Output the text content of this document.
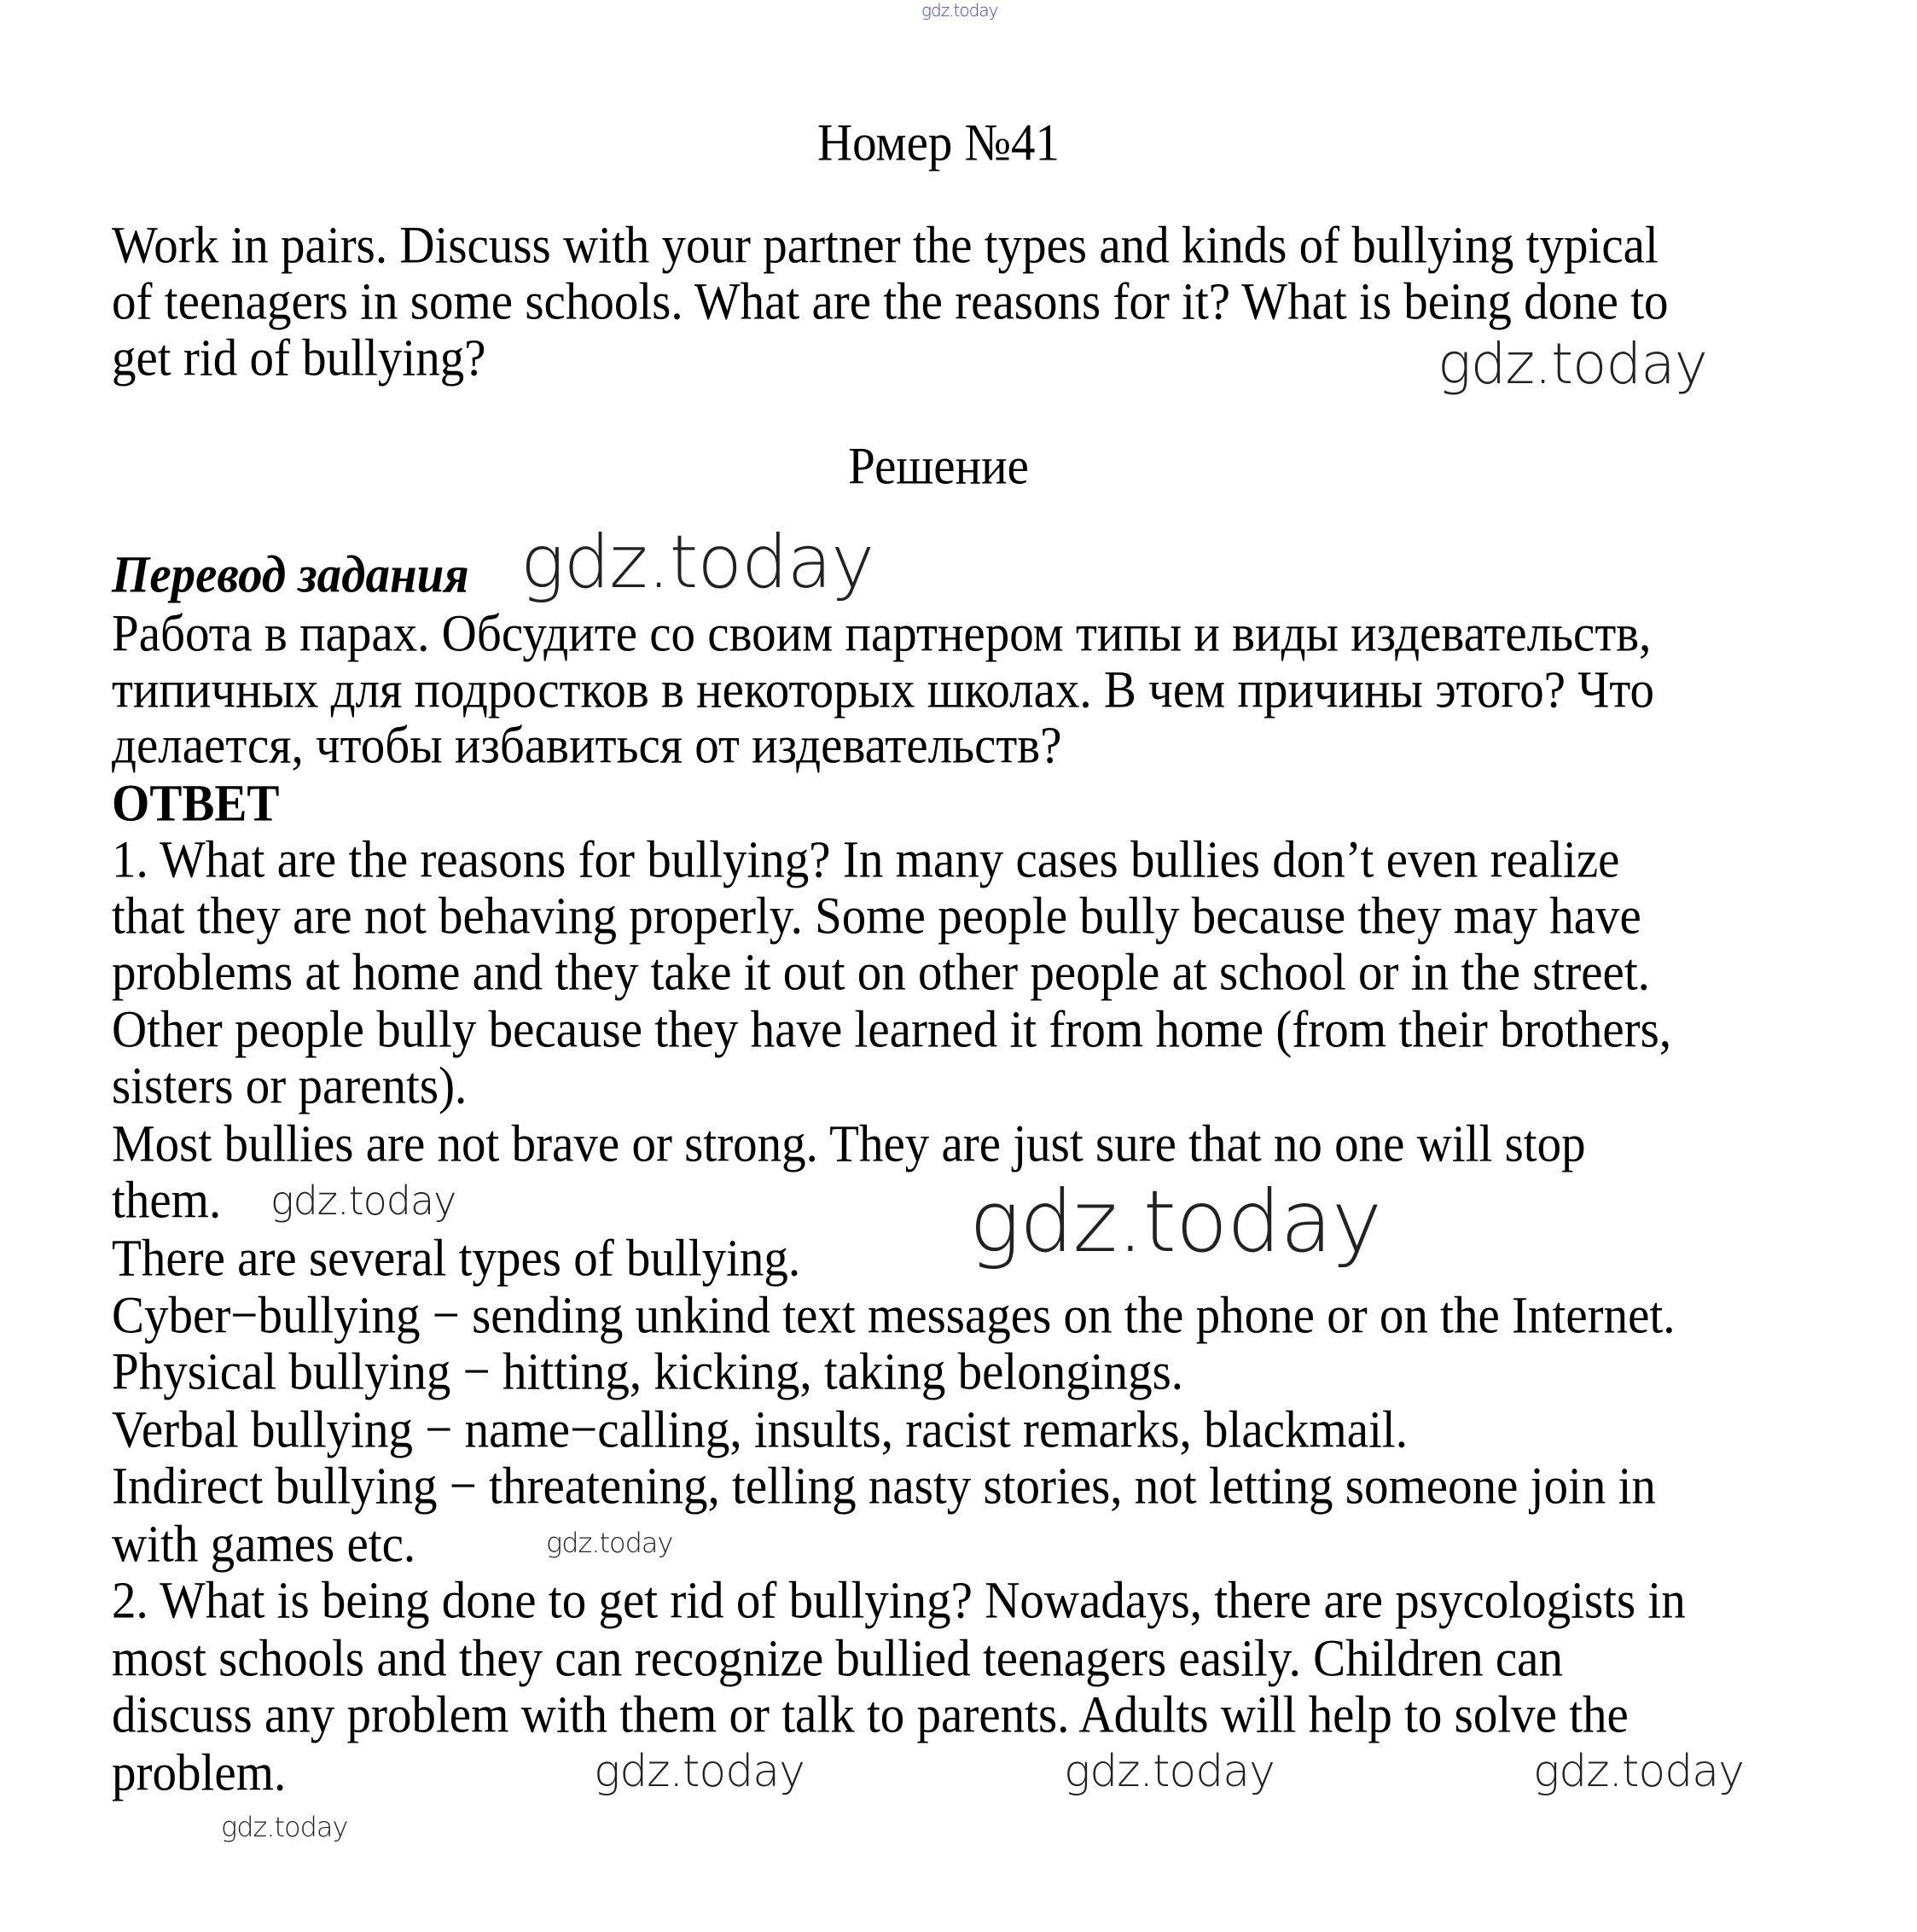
gdz.today
Номер №41
Work in pairs. Discuss with your partner the types and kinds of bullying typical
of teenagers in some schools. What are the reasons for it? What is being done to
get rid of bullying?
Решение
Перевод задания
Работа в парах. Обсудите со своим партнером типы и виды издевательств,
типичных для подростков в некоторых школах. В чем причины этого? Что
делается, чтобы избавиться от издевательств?
ОТВЕТ
1. What are the reasons for bullying? In many cases bullies don’t even realize
that they are not behaving properly. Some people bully because they may have
problems at home and they take it out on other people at school or in the street.
Other people bully because they have learned it from home (from their brothers,
sisters or parents).
Most bullies are not brave or strong. They are just sure that no one will stop
them.
There are several types of bullying.
Cyber−bullying − sending unkind text messages on the phone or on the Internet.
Physical bullying − hitting, kicking, taking belongings.
Verbal bullying − name−calling, insults, racist remarks, blackmail.
Indirect bullying − threatening, telling nasty stories, not letting someone join in
with games etc.
2. What is being done to get rid of bullying? Nowadays, there are psycologists in
most schools and they can recognize bullied teenagers easily. Children can
discuss any problem with them or talk to parents. Adults will help to solve the
problem.
gdz.today
gdz.today
gdz.today	gdz.today
gdz.today
gdz.today
gdz.today	gdz.today	gdz.today
